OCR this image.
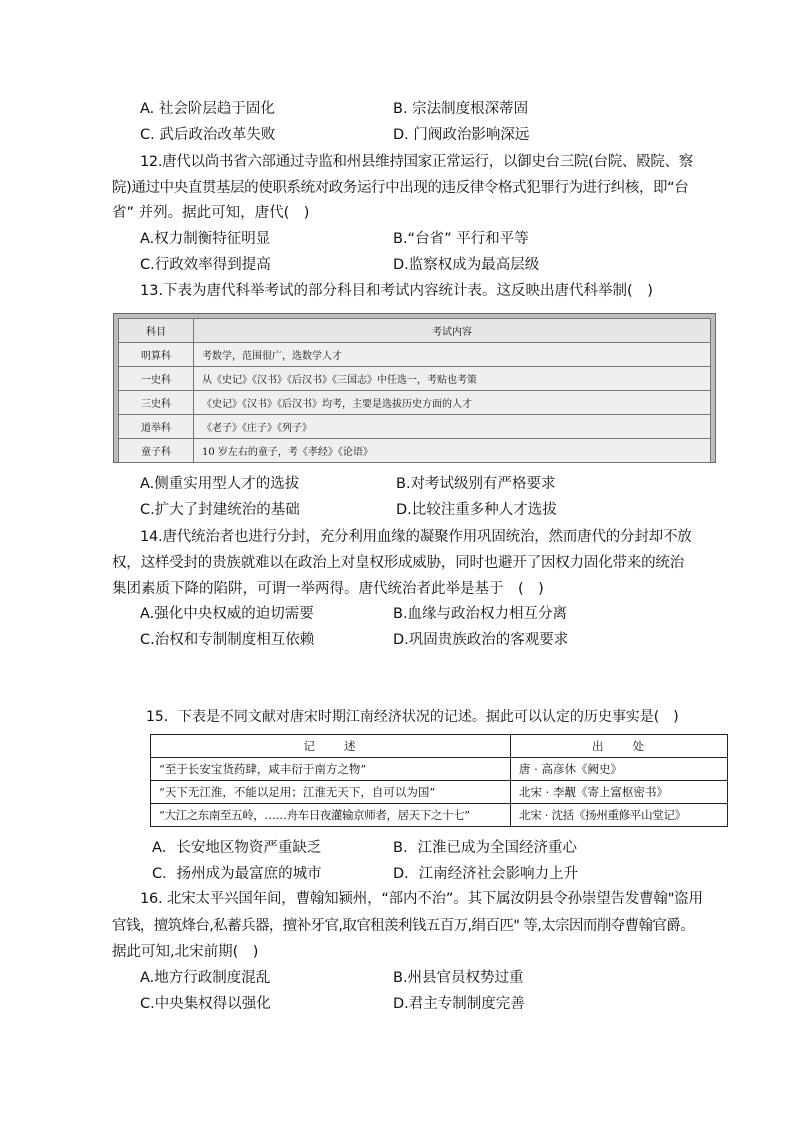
A. 社会阶层趋于固化	B. 宗法制度根深蒂固
C. 武后政治改革失败	D. 门阀政治影响深远
12.唐代以尚书省六部通过寺监和州县维持国家正常运行，以御史台三院(台院、殿院、察
院)通过中央直贯基层的使职系统对政务运行中出现的违反律令格式犯罪行为进行纠核，即“台
省” 并列。据此可知，唐代(　)
A.权力制衡特征明显	B.“台省” 平行和平等
C.行政效率得到提高	D.监察权成为最高层级
13.下表为唐代科举考试的部分科目和考试内容统计表。这反映出唐代科举制(　)
科目	考试内容
明算科	考数学，范围很广，选数学人才
一史科	从《史记》《汉书》《后汉书》《三国志》中任选一，考贴也考策
三史科	《史记》《汉书》《后汉书》均考，主要是选拔历史方面的人才
道举科	《老子》《庄子》《列子》
童子科	10 岁左右的童子，考《孝经》《论语》
A.侧重实用型人才的选拔	B.对考试级别有严格要求
C.扩大了封建统治的基础	D.比较注重多种人才选拔
14.唐代统治者也进行分封，充分利用血缘的凝聚作用巩固统治，然而唐代的分封却不放
权，这样受封的贵族就难以在政治上对皇权形成威胁，同时也避开了因权力固化带来的统治
集团素质下降的陷阱，可谓一举两得。唐代统治者此举是基于　(　)
A.强化中央权威的迫切需要	B.血缘与政治权力相互分离
C.治权和专制制度相互依赖	D.巩固贵族政治的客观要求
15．下表是不同文献对唐宋时期江南经济状况的记述。据此可以认定的历史事实是(　)
记　　述	出　　处
“至于长安宝货药肆，咸丰衍于南方之物”	唐 · 高彦休《阙史》
“天下无江淮，不能以足用；江淮无天下，自可以为国”	北宋 · 李觏《寄上富枢密书》
“大江之东南至五岭，……舟车日夜灌输京师者，居天下之十七”	北宋 · 沈括《扬州重修平山堂记》
A．长安地区物资严重缺乏	B．江淮已成为全国经济重心
C．扬州成为最富庶的城市	D．江南经济社会影响力上升
16. 北宋太平兴国年间，曹翰知颍州，“部内不治”。其下属汝阴县令孙崇望告发曹翰"盗用
官钱，擅筑烽台,私蓄兵器，擅补牙官,取官租羡利钱五百万,绢百匹" 等,太宗因而削夺曹翰官爵。
据此可知,北宋前期(　)
A.地方行政制度混乱	B.州县官员权势过重
C.中央集权得以强化	D.君主专制制度完善
